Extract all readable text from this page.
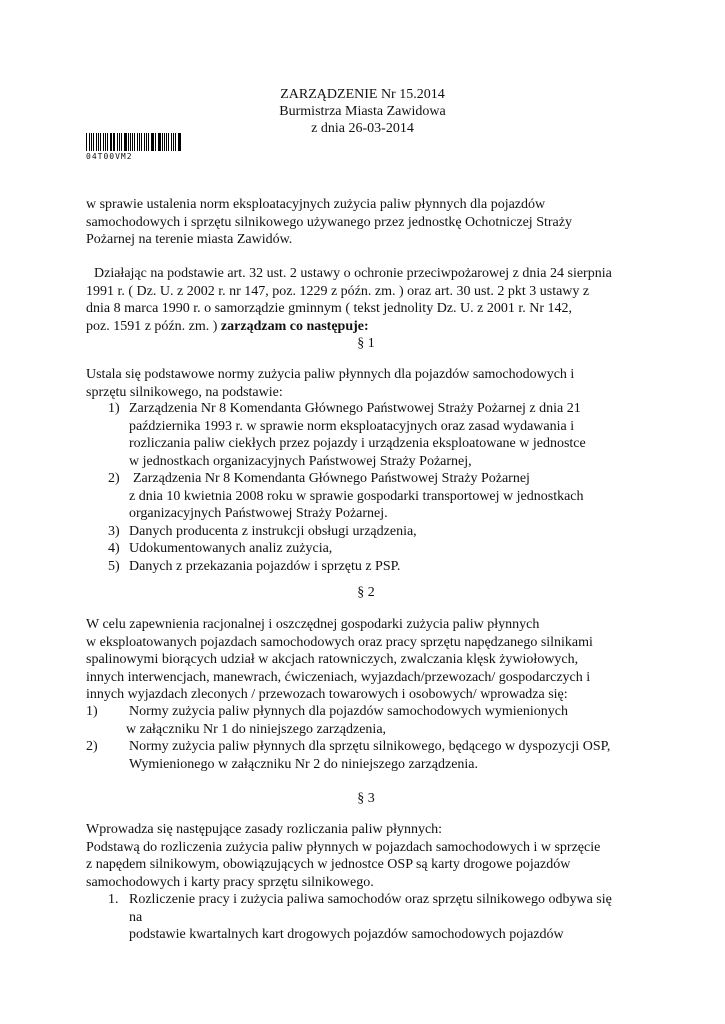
ZARZĄDZENIE Nr 15.2014
Burmistrza Miasta Zawidowa
z dnia 26-03-2014
04T00VM2
w sprawie ustalenia norm eksploatacyjnych zużycia paliw płynnych dla pojazdów
samochodowych i sprzętu silnikowego używanego przez jednostkę Ochotniczej Straży
Pożarnej na terenie miasta Zawidów.
Działając na podstawie art. 32 ust. 2 ustawy o ochronie przeciwpożarowej z dnia 24 sierpnia
1991 r. ( Dz. U. z 2002 r. nr 147, poz. 1229 z późn. zm. ) oraz art. 30 ust. 2 pkt 3 ustawy z
dnia 8 marca 1990 r. o samorządzie gminnym ( tekst jednolity Dz. U. z 2001 r. Nr 142,
poz. 1591 z późn. zm. ) zarządzam co następuje:
§ 1
Ustala się podstawowe normy zużycia paliw płynnych dla pojazdów samochodowych i
sprzętu silnikowego, na podstawie:
1) Zarządzenia Nr 8 Komendanta Głównego Państwowej Straży Pożarnej z dnia 21
października 1993 r. w sprawie norm eksploatacyjnych oraz zasad wydawania i
rozliczania paliw ciekłych przez pojazdy i urządzenia eksploatowane w jednostce
w jednostkach organizacyjnych Państwowej Straży Pożarnej,
2) Zarządzenia Nr 8 Komendanta Głównego Państwowej Straży Pożarnej
z dnia 10 kwietnia 2008 roku w sprawie gospodarki transportowej w jednostkach
organizacyjnych Państwowej Straży Pożarnej.
3) Danych producenta z instrukcji obsługi urządzenia,
4) Udokumentowanych analiz zużycia,
5) Danych z przekazania pojazdów i sprzętu z PSP.
§ 2
W celu zapewnienia racjonalnej i oszczędnej gospodarki zużycia paliw płynnych
w eksploatowanych pojazdach samochodowych oraz pracy sprzętu napędzanego silnikami
spalinowymi biorących udział w akcjach ratowniczych, zwalczania klęsk żywiołowych,
innych interwencjach, manewrach, ćwiczeniach, wyjazdach/przewozach/ gospodarczych i
innych wyjazdach zleconych / przewozach towarowych i osobowych/ wprowadza się:
1) Normy zużycia paliw płynnych dla pojazdów samochodowych wymienionych
w załączniku Nr 1 do niniejszego zarządzenia,
2) Normy zużycia paliw płynnych dla sprzętu silnikowego, będącego w dyspozycji OSP,
Wymienionego w załączniku Nr 2 do niniejszego zarządzenia.
§ 3
Wprowadza się następujące zasady rozliczania paliw płynnych:
Podstawą do rozliczenia zużycia paliw płynnych w pojazdach samochodowych i w sprzęcie
z napędem silnikowym, obowiązujących w jednostce OSP są karty drogowe pojazdów
samochodowych i karty pracy sprzętu silnikowego.
1. Rozliczenie pracy i zużycia paliwa samochodów oraz sprzętu silnikowego odbywa się
na
podstawie kwartalnych kart drogowych pojazdów samochodowych pojazdów
